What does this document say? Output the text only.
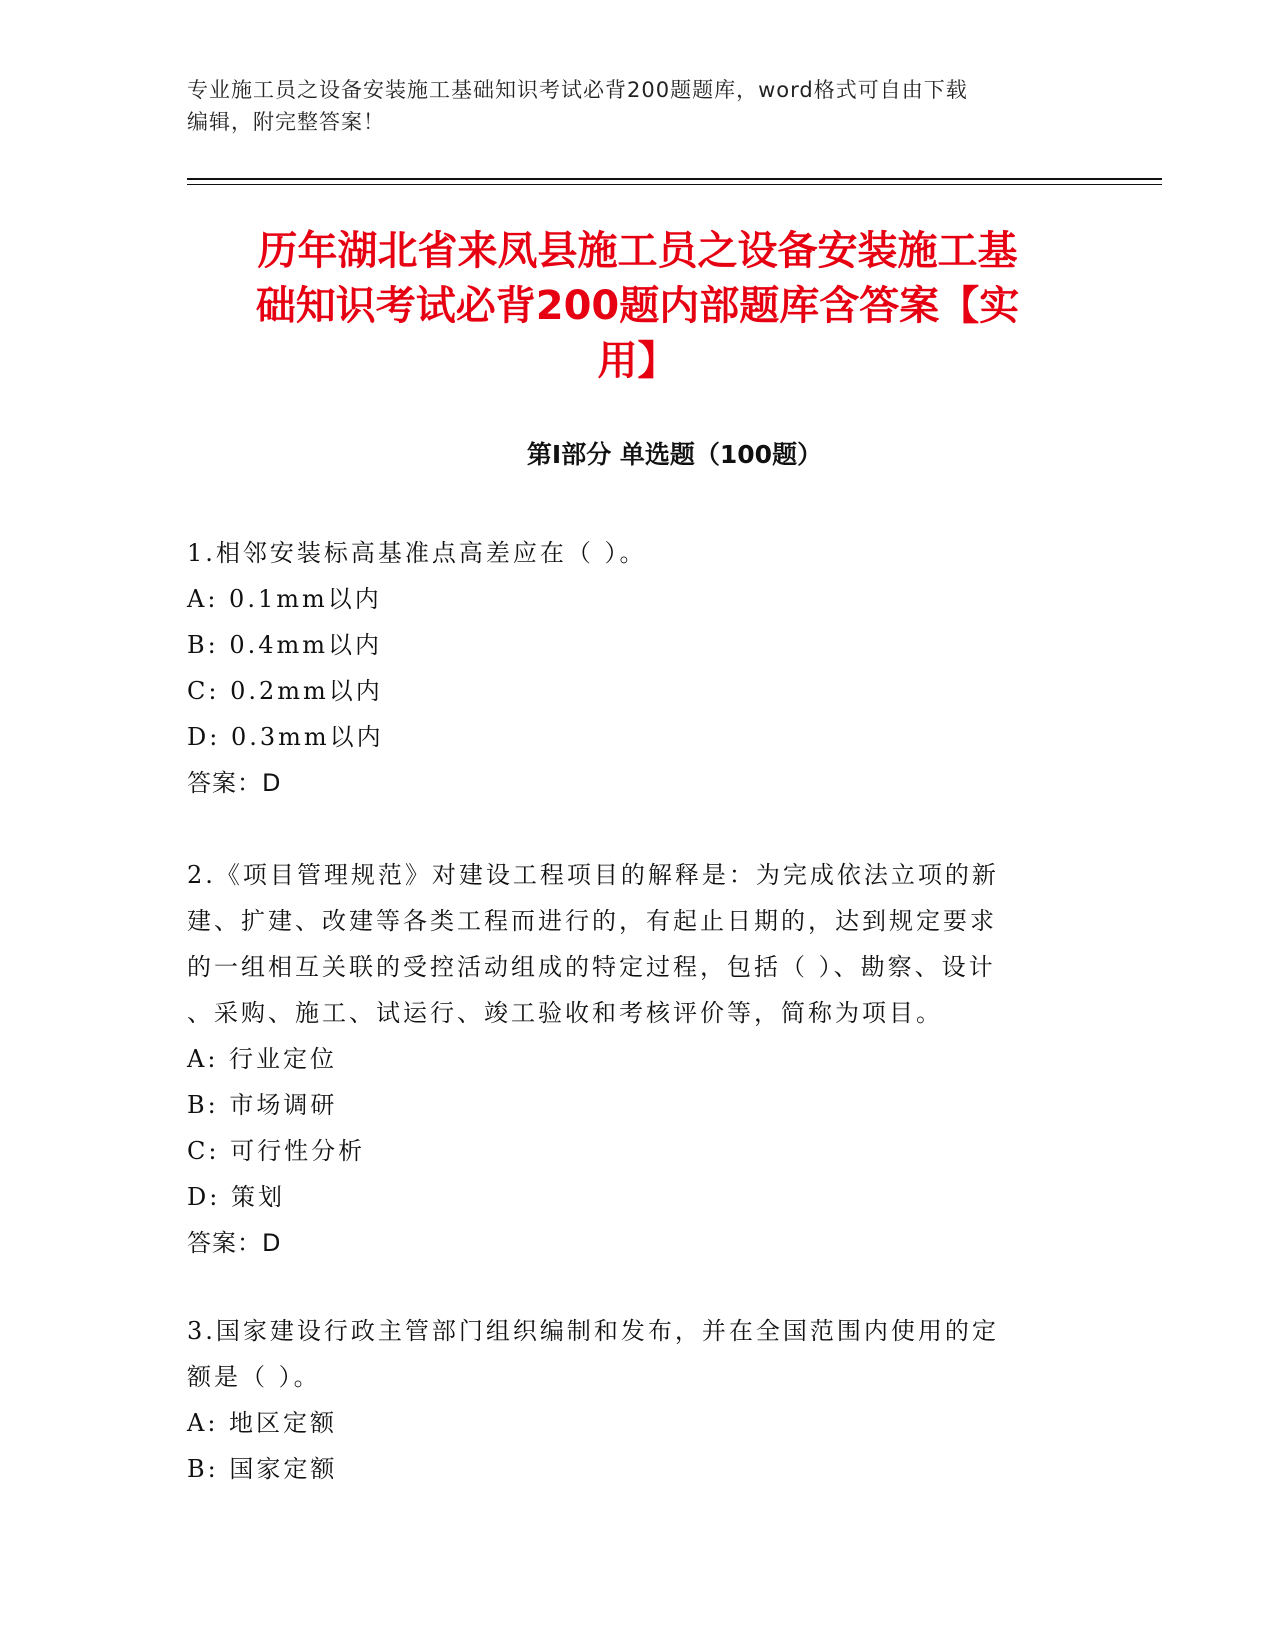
专业施工员之设备安装施工基础知识考试必背200题题库，word格式可自由下载
编辑，附完整答案！
历年湖北省来凤县施工员之设备安装施工基
础知识考试必背200题内部题库含答案【实
用】
第Ⅰ部分 单选题（100题）

1.相邻安装标高基准点高差应在（ ）。

A: 0.1mm以内

B: 0.4mm以内

C: 0.2mm以内

D: 0.3mm以内

答案：D

2.《项目管理规范》对建设工程项目的解释是：为完成依法立项的新

建、扩建、改建等各类工程而进行的，有起止日期的，达到规定要求

的一组相互关联的受控活动组成的特定过程，包括（ ）、勘察、设计

、采购、施工、试运行、竣工验收和考核评价等，简称为项目。

A: 行业定位

B: 市场调研

C: 可行性分析

D: 策划

答案：D

3.国家建设行政主管部门组织编制和发布，并在全国范围内使用的定

额是（ ）。

A: 地区定额

B: 国家定额
